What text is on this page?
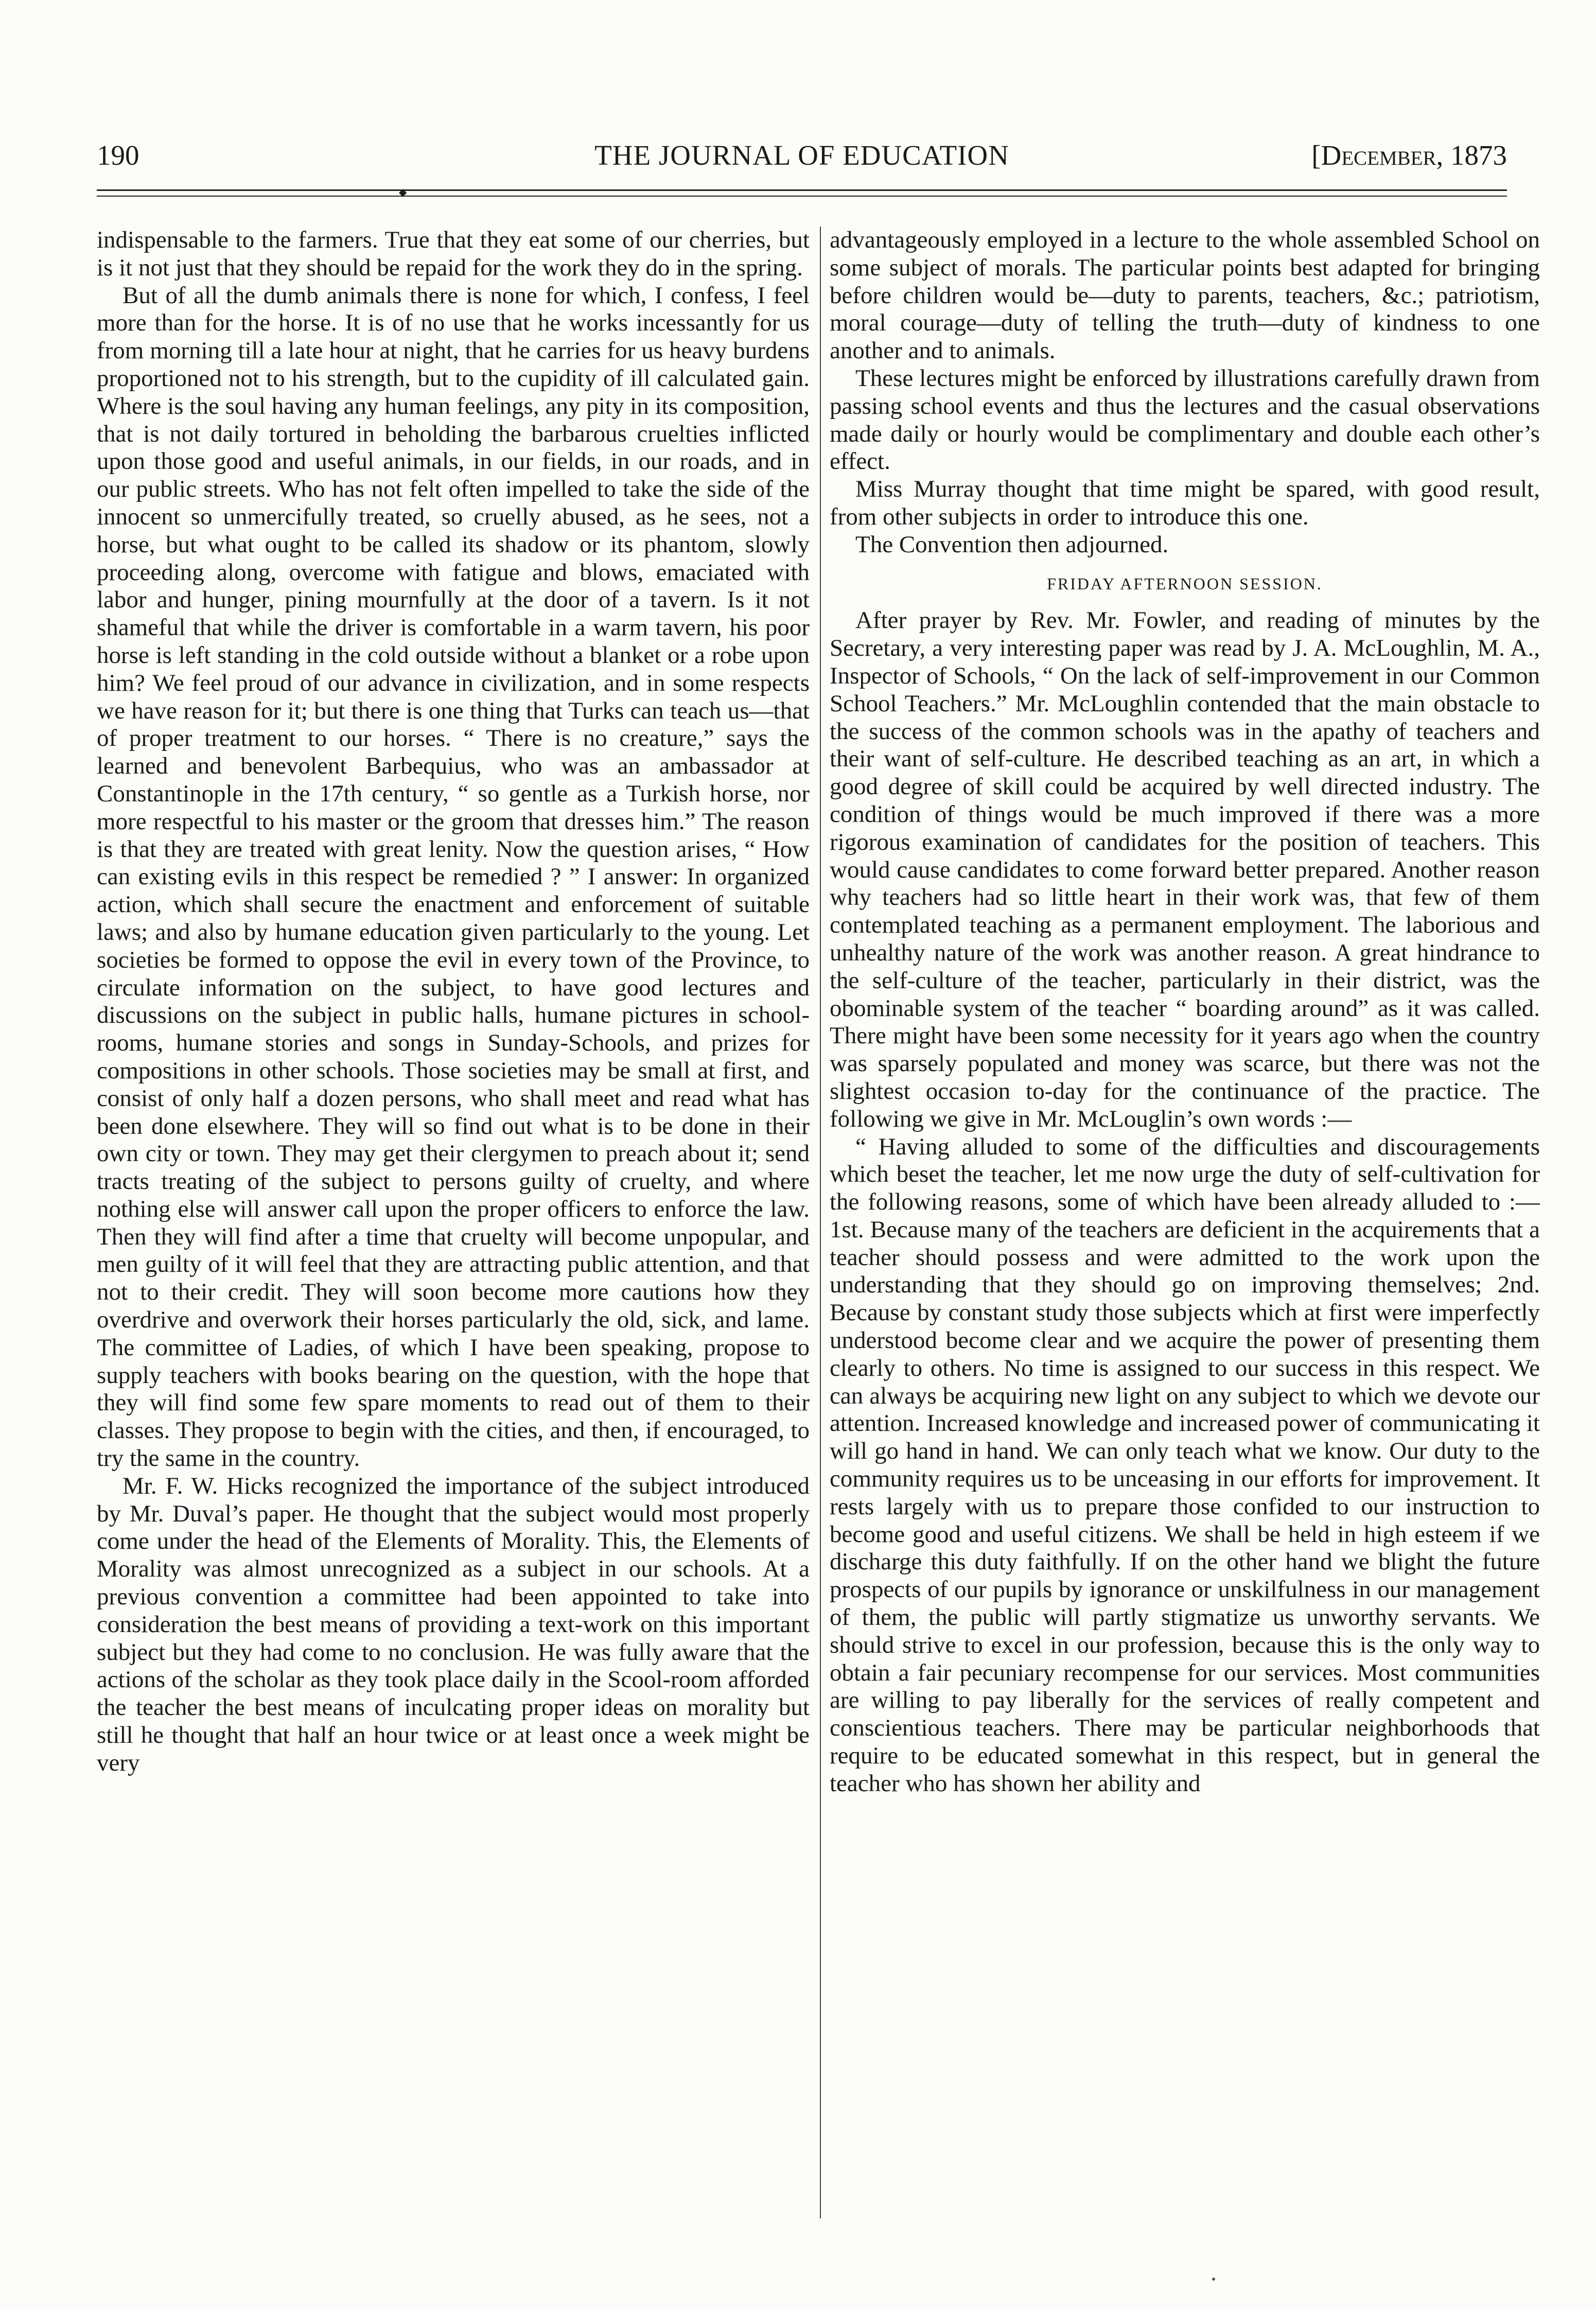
190	THE JOURNAL OF EDUCATION	[December, 1873
◆

indispensable to the farmers. True that they eat some of our cherries, but is it not just that they should be repaid for the work they do in the spring.

But of all the dumb animals there is none for which, I confess, I feel more than for the horse. It is of no use that he works incessantly for us from morning till a late hour at night, that he carries for us heavy burdens proportioned not to his strength, but to the cupidity of ill calculated gain. Where is the soul having any human feelings, any pity in its composition, that is not daily tortured in beholding the barbarous cruelties inflicted upon those good and useful animals, in our fields, in our roads, and in our public streets. Who has not felt often impelled to take the side of the innocent so unmercifully treated, so cruelly abused, as he sees, not a horse, but what ought to be called its shadow or its phantom, slowly proceeding along, overcome with fatigue and blows, emaciated with labor and hunger, pining mournfully at the door of a tavern. Is it not shameful that while the driver is comfortable in a warm tavern, his poor horse is left standing in the cold outside without a blanket or a robe upon him? We feel proud of our advance in civilization, and in some respects we have reason for it; but there is one thing that Turks can teach us—that of proper treatment to our horses. “ There is no creature,” says the learned and benevolent Barbequius, who was an ambassador at Constantinople in the 17th century, “ so gentle as a Turkish horse, nor more respectful to his master or the groom that dresses him.” The reason is that they are treated with great lenity. Now the question arises, “ How can existing evils in this respect be remedied ? ” I answer: In organized action, which shall secure the enactment and enforcement of suitable laws; and also by humane education given particularly to the young. Let societies be formed to oppose the evil in every town of the Province, to circulate information on the subject, to have good lectures and discussions on the subject in public halls, humane pictures in school-rooms, humane stories and songs in Sunday-Schools, and prizes for compositions in other schools. Those societies may be small at first, and consist of only half a dozen persons, who shall meet and read what has been done elsewhere. They will so find out what is to be done in their own city or town. They may get their clergymen to preach about it; send tracts treating of the subject to persons guilty of cruelty, and where nothing else will answer call upon the proper officers to enforce the law. Then they will find after a time that cruelty will become unpopular, and men guilty of it will feel that they are attracting public attention, and that not to their credit. They will soon become more cautions how they overdrive and overwork their horses particularly the old, sick, and lame. The committee of Ladies, of which I have been speaking, propose to supply teachers with books bearing on the question, with the hope that they will find some few spare moments to read out of them to their classes. They propose to begin with the cities, and then, if encouraged, to try the same in the country.

Mr. F. W. Hicks recognized the importance of the subject introduced by Mr. Duval’s paper. He thought that the subject would most properly come under the head of the Elements of Morality. This, the Elements of Morality was almost unrecognized as a subject in our schools. At a previous convention a committee had been appointed to take into consideration the best means of providing a text-work on this important subject but they had come to no conclusion. He was fully aware that the actions of the scholar as they took place daily in the Scool-room afforded the teacher the best means of inculcating proper ideas on morality but still he thought that half an hour twice or at least once a week might be very

advantageously employed in a lecture to the whole assembled School on some subject of morals. The particular points best adapted for bringing before children would be—duty to parents, teachers, &c.; patriotism, moral courage—duty of telling the truth—duty of kindness to one another and to animals.

These lectures might be enforced by illustrations carefully drawn from passing school events and thus the lectures and the casual observations made daily or hourly would be complimentary and double each other’s effect.

Miss Murray thought that time might be spared, with good result, from other subjects in order to introduce this one.

The Convention then adjourned.

FRIDAY AFTERNOON SESSION.

After prayer by Rev. Mr. Fowler, and reading of minutes by the Secretary, a very interesting paper was read by J. A. McLoughlin, M. A., Inspector of Schools, “ On the lack of self-improvement in our Common School Teachers.” Mr. McLoughlin contended that the main obstacle to the success of the common schools was in the apathy of teachers and their want of self-culture. He described teaching as an art, in which a good degree of skill could be acquired by well directed industry. The condition of things would be much improved if there was a more rigorous examination of candidates for the position of teachers. This would cause candidates to come forward better prepared. Another reason why teachers had so little heart in their work was, that few of them contemplated teaching as a permanent employment. The laborious and unhealthy nature of the work was another reason. A great hindrance to the self-culture of the teacher, particularly in their district, was the obominable system of the teacher “ boarding around” as it was called. There might have been some necessity for it years ago when the country was sparsely populated and money was scarce, but there was not the slightest occasion to-day for the continuance of the practice. The following we give in Mr. McLouglin’s own words :—

“ Having alluded to some of the difficulties and discouragements which beset the teacher, let me now urge the duty of self-cultivation for the following reasons, some of which have been already alluded to :—1st. Because many of the teachers are deficient in the acquirements that a teacher should possess and were admitted to the work upon the understanding that they should go on improving themselves; 2nd. Because by constant study those subjects which at first were imperfectly understood become clear and we acquire the power of presenting them clearly to others. No time is assigned to our success in this respect. We can always be acquiring new light on any subject to which we devote our attention. Increased knowledge and increased power of communicating it will go hand in hand. We can only teach what we know. Our duty to the community requires us to be unceasing in our efforts for improvement. It rests largely with us to prepare those confided to our instruction to become good and useful citizens. We shall be held in high esteem if we discharge this duty faithfully. If on the other hand we blight the future prospects of our pupils by ignorance or unskilfulness in our management of them, the public will partly stigmatize us unworthy servants. We should strive to excel in our profession, because this is the only way to obtain a fair pecuniary recompense for our services. Most communities are willing to pay liberally for the services of really competent and conscientious teachers. There may be particular neighborhoods that require to be educated somewhat in this respect, but in general the teacher who has shown her ability and
